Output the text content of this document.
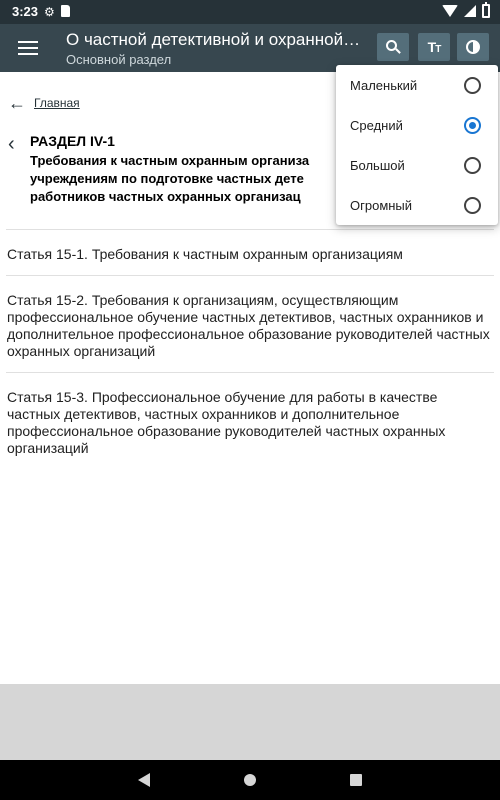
3:23 ⚙
О частной детективной и охранной…
Основной раздел
TT
← Главная
‹	РАЗДЕЛ IV-1
Требования к частным охранным организа
учреждениям по подготовке частных дете
работников частных охранных организац
Статья 15-1. Требования к частным охранным организациям
Статья 15-2. Требования к организациям, осуществляющим профессиональное обучение частных детективов, частных охранников и дополнительное профессиональное образование руководителей частных охранных организаций
Статья 15-3. Профессиональное обучение для работы в качестве частных детективов, частных охранников и дополнительное профессиональное образование руководителей частных охранных организаций
Маленький
Средний
Большой
Огромный
